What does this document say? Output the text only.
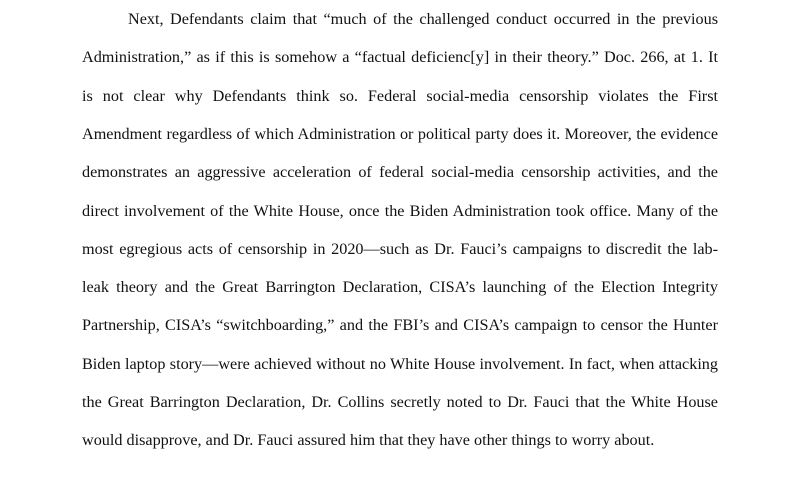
Next, Defendants claim that “much of the challenged conduct occurred in the previous
Administration,” as if this is somehow a “factual deficienc[y] in their theory.” Doc. 266, at 1. It
is not clear why Defendants think so. Federal social-media censorship violates the First
Amendment regardless of which Administration or political party does it. Moreover, the evidence
demonstrates an aggressive acceleration of federal social-media censorship activities, and the
direct involvement of the White House, once the Biden Administration took office. Many of the
most egregious acts of censorship in 2020—such as Dr. Fauci’s campaigns to discredit the lab-
leak theory and the Great Barrington Declaration, CISA’s launching of the Election Integrity
Partnership, CISA’s “switchboarding,” and the FBI’s and CISA’s campaign to censor the Hunter
Biden laptop story—were achieved without no White House involvement. In fact, when attacking
the Great Barrington Declaration, Dr. Collins secretly noted to Dr. Fauci that the White House
would disapprove, and Dr. Fauci assured him that they have other things to worry about.
